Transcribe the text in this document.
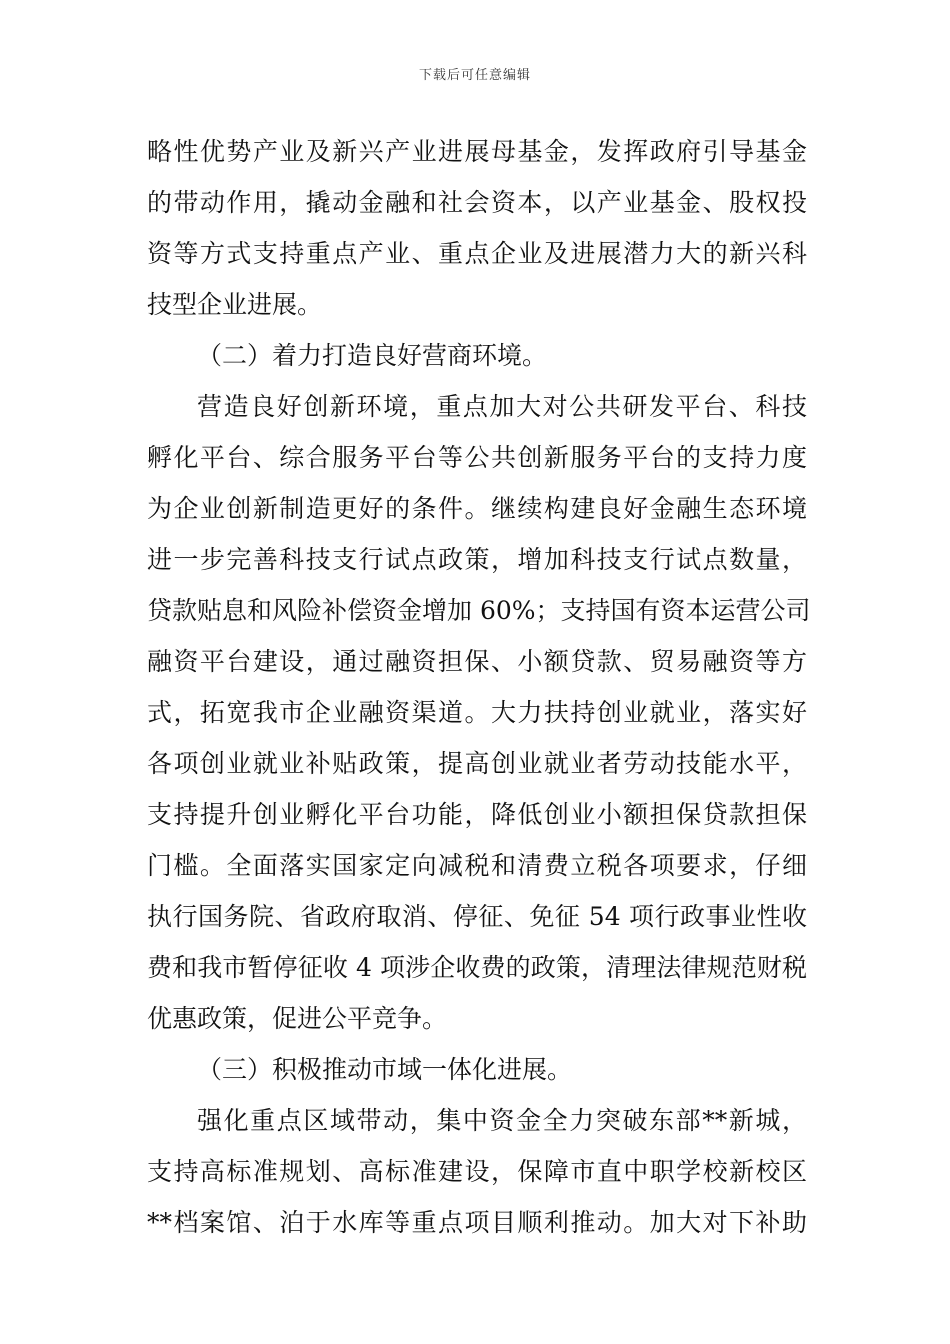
下载后可任意编辑
略性优势产业及新兴产业进展母基金，发挥政府引导基金
的带动作用，撬动金融和社会资本，以产业基金、股权投
资等方式支持重点产业、重点企业及进展潜力大的新兴科
技型企业进展。
（二）着力打造良好营商环境。
营造良好创新环境，重点加大对公共研发平台、科技
孵化平台、综合服务平台等公共创新服务平台的支持力度
为企业创新制造更好的条件。继续构建良好金融生态环境
进一步完善科技支行试点政策，增加科技支行试点数量，
贷款贴息和风险补偿资金增加 60%；支持国有资本运营公司
融资平台建设，通过融资担保、小额贷款、贸易融资等方
式，拓宽我市企业融资渠道。大力扶持创业就业，落实好
各项创业就业补贴政策，提高创业就业者劳动技能水平，
支持提升创业孵化平台功能，降低创业小额担保贷款担保
门槛。全面落实国家定向减税和清费立税各项要求，仔细
执行国务院、省政府取消、停征、免征 54 项行政事业性收
费和我市暂停征收 4 项涉企收费的政策，清理法律规范财税
优惠政策，促进公平竞争。
（三）积极推动市域一体化进展。
强化重点区域带动，集中资金全力突破东部**新城，
支持高标准规划、高标准建设，保障市直中职学校新校区
**档案馆、泊于水库等重点项目顺利推动。加大对下补助
